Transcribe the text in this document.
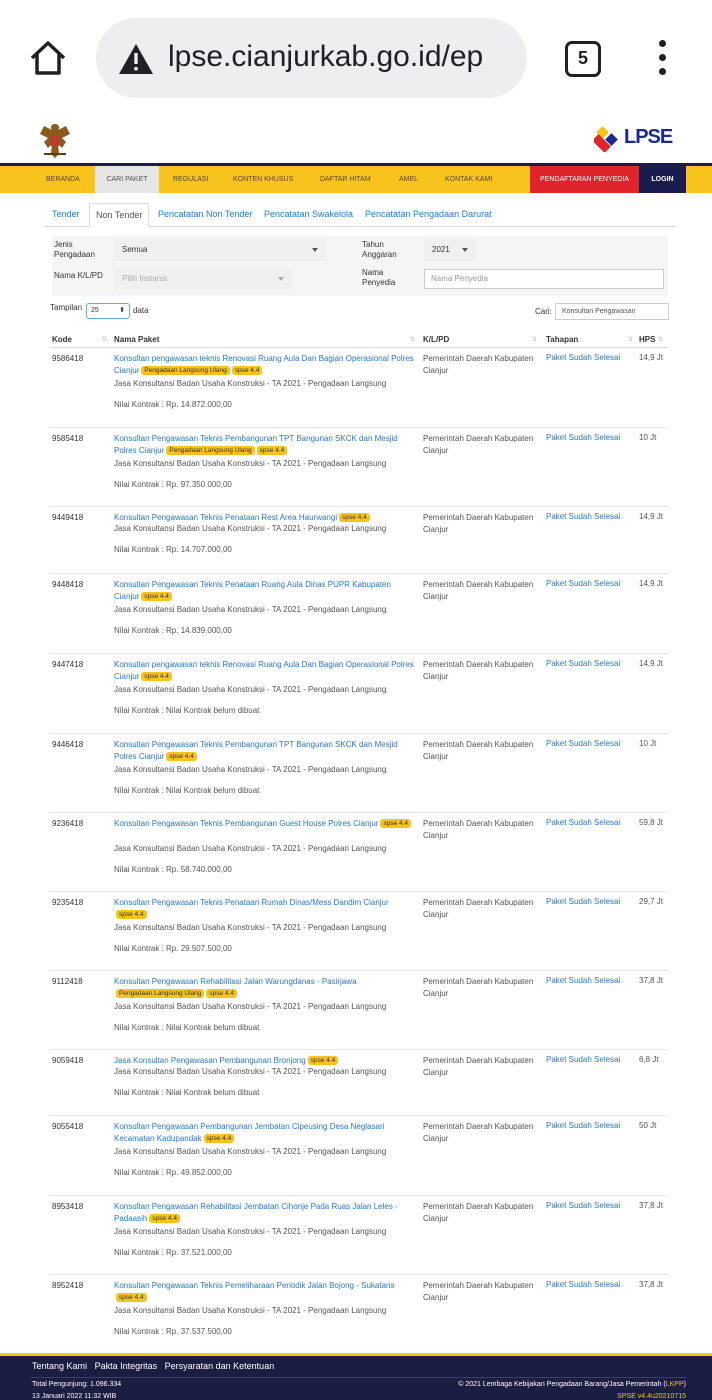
lpse.cianjurkab.go.id/ep	5
LPSE
BERANDA	CARI PAKET	REGULASI	KONTEN KHUSUS	DAFTAR HITAM	AMEL	KONTAK KAMI	PENDAFTARAN PENYEDIA	LOGIN
Tender	Non Tender	Pencatatan Non Tender Pencatatan Swakelola Pencatatan Pengadaan Darurat
Jenis Pengadaan
Semua
Tahun Anggaran
2021
Nama K/L/PD	Pilih Instansi
Nama Penyedia	Nama Penyedia
Tampilan	25	⬍ data	Cari:	Konsultan Pengawasan
Kode	⇅ Nama Paket	⇅ K/L/PD	⇅ Tahapan	⇅ HPS ⇅
9586418	Konsultan pengawasan teknis Renovasi Ruang Aula Dan Bagian Operasional Polres Cianjur Pengadaan Langsung Ulang spse 4.4
Jasa Konsultansi Badan Usaha Konstruksi - TA 2021 - Pengadaan Langsung
Nilai Kontrak : Rp. 14.872.000,00
Pemerintah Daerah Kabupaten Cianjur
Paket Sudah Selesai 14,9 Jt
9585418	Konsultan Pengawasan Teknis Pembangunan TPT Bangunan SKCK dan Mesjid Polres Cianjur Pengadaan Langsung Ulang spse 4.4
Jasa Konsultansi Badan Usaha Konstruksi - TA 2021 - Pengadaan Langsung
Nilai Kontrak : Rp. 97.350.000,00
Pemerintah Daerah Kabupaten Cianjur
Paket Sudah Selesai 10 Jt
9449418	Konsultan Pengawasan Teknis Penataan Rest Area Haurwangi spse 4.4
Jasa Konsultansi Badan Usaha Konstruksi - TA 2021 - Pengadaan Langsung
Nilai Kontrak : Rp. 14.707.000,00
Pemerintah Daerah Kabupaten Cianjur
Paket Sudah Selesai 14,9 Jt
9448418	Konsultan Pengawasan Teknis Penataan Ruang Aula Dinas PUPR Kabupaten Cianjur spse 4.4
Jasa Konsultansi Badan Usaha Konstruksi - TA 2021 - Pengadaan Langsung
Nilai Kontrak : Rp. 14.839.000,00
Pemerintah Daerah Kabupaten Cianjur
Paket Sudah Selesai 14,9 Jt
9447418	Konsultan pengawasan teknis Renovasi Ruang Aula Dan Bagian Operasional Polres Cianjur spse 4.4
Jasa Konsultansi Badan Usaha Konstruksi - TA 2021 - Pengadaan Langsung
Nilai Kontrak : Nilai Kontrak belum dibuat
Pemerintah Daerah Kabupaten Cianjur
Paket Sudah Selesai 14,9 Jt
9446418	Konsultan Pengawasan Teknis Pembangunan TPT Bangunan SKCK dan Mesjid Polres Cianjur spse 4.4
Jasa Konsultansi Badan Usaha Konstruksi - TA 2021 - Pengadaan Langsung
Nilai Kontrak : Nilai Kontrak belum dibuat
Pemerintah Daerah Kabupaten Cianjur
Paket Sudah Selesai 10 Jt
9236418	Konsultan Pengawasan Teknis Pembangunan Guest House Polres Cianjur spse 4.4
Jasa Konsultansi Badan Usaha Konstruksi - TA 2021 - Pengadaan Langsung
Nilai Kontrak : Rp. 58.740.000,00
Pemerintah Daerah Kabupaten Cianjur
Paket Sudah Selesai 59,8 Jt
9235418	Konsultan Pengawasan Teknis Penataan Rumah Dinas/Mess Dandim Cianjurspse 4.4
Jasa Konsultansi Badan Usaha Konstruksi - TA 2021 - Pengadaan Langsung
Nilai Kontrak : Rp. 29.507.500,00
Pemerintah Daerah Kabupaten Cianjur
Paket Sudah Selesai 29,7 Jt
9112418	Konsultan Pengawasan Rehabilitasi Jalan Warungdanas - PasirjawaPengadaan Langsung Ulang spse 4.4
Jasa Konsultansi Badan Usaha Konstruksi - TA 2021 - Pengadaan Langsung
Nilai Kontrak : Nilai Kontrak belum dibuat
Pemerintah Daerah Kabupaten Cianjur
Paket Sudah Selesai 37,8 Jt
9059418	Jasa Konsultan Pengawasan Pembangunan Bronjong spse 4.4
Jasa Konsultansi Badan Usaha Konstruksi - TA 2021 - Pengadaan Langsung
Nilai Kontrak : Nilai Kontrak belum dibuat
Pemerintah Daerah Kabupaten Cianjur
Paket Sudah Selesai 6,8 Jt
9055418	Konsultan Pengawasan Pembangunan Jembatan Cipeusing Desa Neglasari Kecamatan Kadupandak spse 4.4
Jasa Konsultansi Badan Usaha Konstruksi - TA 2021 - Pengadaan Langsung
Nilai Kontrak : Rp. 49.852.000,00
Pemerintah Daerah Kabupaten Cianjur
Paket Sudah Selesai 50 Jt
8953418	Konsultan Pengawasan Rehabilitasi Jembatan Cihonje Pada Ruas Jalan Leles - Padaasih spse 4.4
Jasa Konsultansi Badan Usaha Konstruksi - TA 2021 - Pengadaan Langsung
Nilai Kontrak : Rp. 37.521.000,00
Pemerintah Daerah Kabupaten Cianjur
Paket Sudah Selesai 37,8 Jt
8952418	Konsultan Pengawasan Teknis Pemeliharaan Periodik Jalan Bojong - Sukatarisspse 4.4
Jasa Konsultansi Badan Usaha Konstruksi - TA 2021 - Pengadaan Langsung
Nilai Kontrak : Rp. 37.537.500,00
Pemerintah Daerah Kabupaten Cianjur
Paket Sudah Selesai 37,8 Jt
Tentang Kami Pakta Integritas Persyaratan dan Ketentuan
Total Pengunjung: 1.096.334
13 Januari 2022 11:32 WIB
© 2021 Lembaga Kebijakan Pengadaan Barang/Jasa Pemerintah (LKPP)
SPSE v4.4u20210715
